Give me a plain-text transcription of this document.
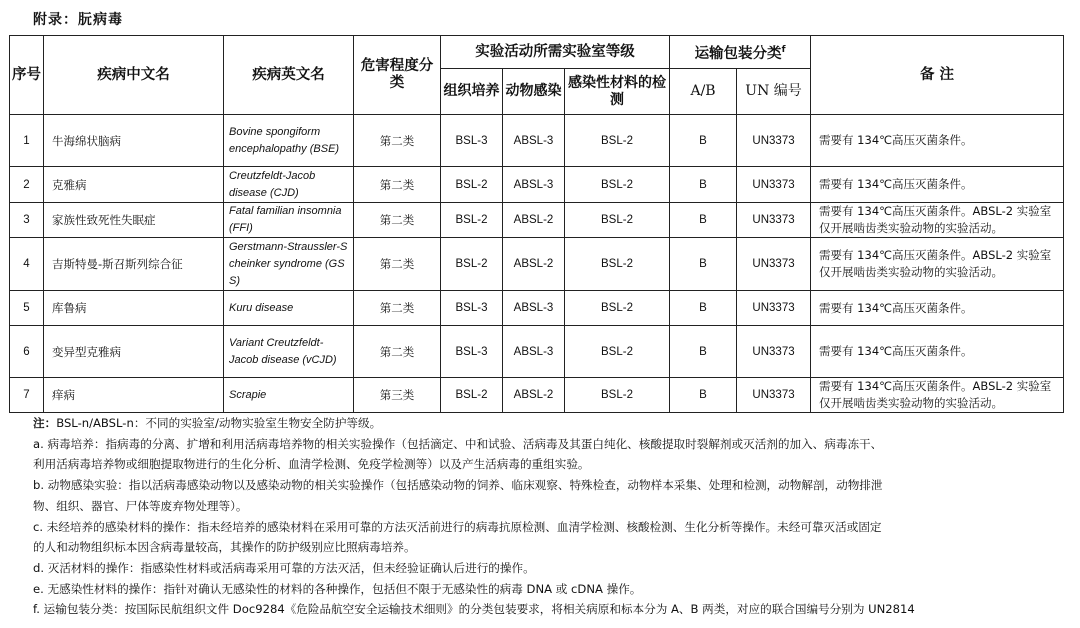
附录：朊病毒
序号	疾病中文名	疾病英文名	危害程度分类	实验活动所需实验室等级			运输包装分类$^f$		备 注
				组织培养	动物感染	感染性材料的检测	A/B	UN 编号	
1	牛海绵状脑病	Bovine spongiform encephalopathy (BSE)	第二类	BSL-3	ABSL-3	BSL-2	B	UN3373	需要有 134℃高压灭菌条件。
2	克雅病	Creutzfeldt-Jacob disease (CJD)	第二类	BSL-2	ABSL-3	BSL-2	B	UN3373	需要有 134℃高压灭菌条件。
3	家族性致死性失眠症	Fatal familian insomnia (FFI)	第二类	BSL-2	ABSL-2	BSL-2	B	UN3373	需要有 134℃高压灭菌条件。ABSL-2 实验室仅开展啮齿类实验动物的实验活动。
4	吉斯特曼-斯召斯列综合征	Gerstmann-Straussler-Scheinker syndrome (GSS)	第二类	BSL-2	ABSL-2	BSL-2	B	UN3373	需要有 134℃高压灭菌条件。ABSL-2 实验室仅开展啮齿类实验动物的实验活动。
5	库鲁病	Kuru disease	第二类	BSL-3	ABSL-3	BSL-2	B	UN3373	需要有 134℃高压灭菌条件。
6	变异型克雅病	Variant Creutzfeldt-Jacob disease (vCJD)	第二类	BSL-3	ABSL-3	BSL-2	B	UN3373	需要有 134℃高压灭菌条件。
7	痒病	Scrapie	第三类	BSL-2	ABSL-2	BSL-2	B	UN3373	需要有 134℃高压灭菌条件。ABSL-2 实验室仅开展啮齿类实验动物的实验活动。

注：BSL-n/ABSL-n：不同的实验室/动物实验室生物安全防护等级。

a. 病毒培养：指病毒的分离、扩增和利用活病毒培养物的相关实验操作（包括滴定、中和试验、活病毒及其蛋白纯化、核酸提取时裂解剂或灭活剂的加入、病毒冻干、

利用活病毒培养物或细胞提取物进行的生化分析、血清学检测、免疫学检测等）以及产生活病毒的重组实验。

b. 动物感染实验：指以活病毒感染动物以及感染动物的相关实验操作（包括感染动物的饲养、临床观察、特殊检查，动物样本采集、处理和检测，动物解剖，动物排泄

物、组织、器官、尸体等废弃物处理等）。

c. 未经培养的感染材料的操作：指未经培养的感染材料在采用可靠的方法灭活前进行的病毒抗原检测、血清学检测、核酸检测、生化分析等操作。未经可靠灭活或固定

的人和动物组织标本因含病毒量较高，其操作的防护级别应比照病毒培养。

d. 灭活材料的操作：指感染性材料或活病毒采用可靠的方法灭活，但未经验证确认后进行的操作。

e. 无感染性材料的操作：指针对确认无感染性的材料的各种操作，包括但不限于无感染性的病毒 DNA 或 cDNA 操作。

f. 运输包装分类：按国际民航组织文件 Doc9284《危险品航空安全运输技术细则》的分类包装要求，将相关病原和标本分为 A、B 两类，对应的联合国编号分别为 UN2814
